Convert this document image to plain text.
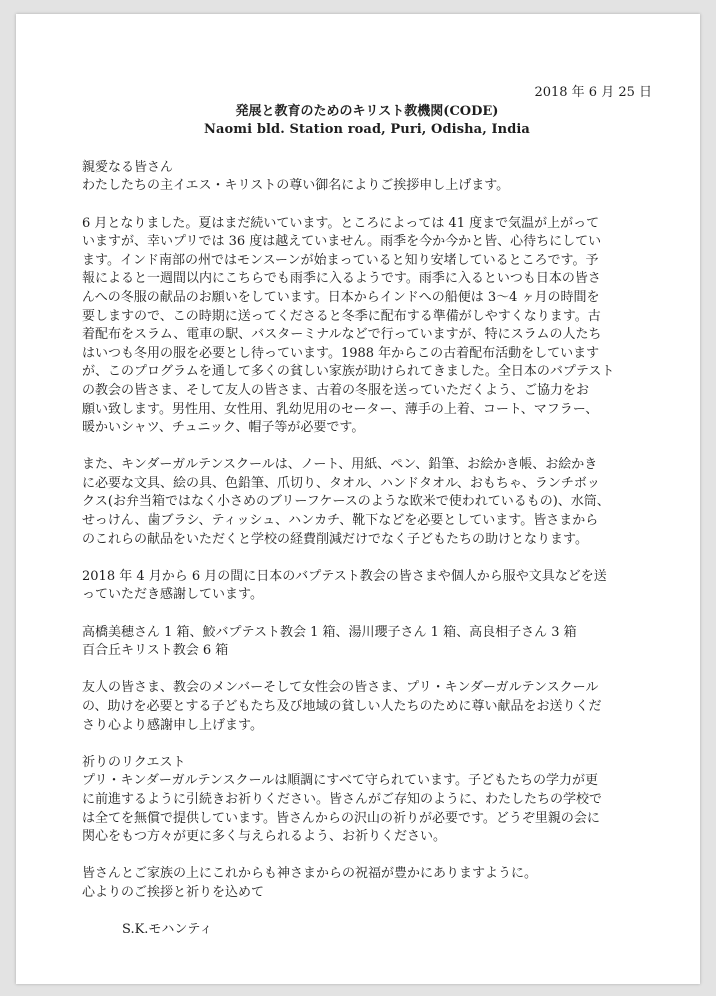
2018 年 6 月 25 日

発展と教育のためのキリスト教機関(CODE)

Naomi bld. Station road, Puri, Odisha, India

親愛なる皆さん
わたしたちの主イエス・キリストの尊い御名によりご挨拶申し上げます。

6 月となりました。夏はまだ続いています。ところによっては 41 度まで気温が上がって
いますが、幸いプリでは 36 度は越えていません。雨季を今か今かと皆、心待ちにしてい
ます。インド南部の州ではモンスーンが始まっていると知り安堵しているところです。予
報によると一週間以内にこちらでも雨季に入るようです。雨季に入るといつも日本の皆さ
んへの冬服の献品のお願いをしています。日本からインドへの船便は 3〜4 ヶ月の時間を
要しますので、この時期に送ってくださると冬季に配布する準備がしやすくなります。古
着配布をスラム、電車の駅、バスターミナルなどで行っていますが、特にスラムの人たち
はいつも冬用の服を必要とし待っています。1988 年からこの古着配布活動をしています
が、このプログラムを通して多くの貧しい家族が助けられてきました。全日本のバプテスト
の教会の皆さま、そして友人の皆さま、古着の冬服を送っていただくよう、ご協力をお
願い致します。男性用、女性用、乳幼児用のセーター、薄手の上着、コート、マフラー、
暖かいシャツ、チュニック、帽子等が必要です。

また、キンダーガルテンスクールは、ノート、用紙、ペン、鉛筆、お絵かき帳、お絵かき
に必要な文具、絵の具、色鉛筆、爪切り、タオル、ハンドタオル、おもちゃ、ランチボッ
クス(お弁当箱ではなく小さめのブリーフケースのような欧米で使われているもの)、水筒、
せっけん、歯ブラシ、ティッシュ、ハンカチ、靴下などを必要としています。皆さまから
のこれらの献品をいただくと学校の経費削減だけでなく子どもたちの助けとなります。

2018 年 4 月から 6 月の間に日本のバプテスト教会の皆さまや個人から服や文具などを送
っていただき感謝しています。

高橋美穂さん 1 箱、鮫バプテスト教会 1 箱、湯川瓔子さん 1 箱、高良相子さん 3 箱
百合丘キリスト教会 6 箱

友人の皆さま、教会のメンバーそして女性会の皆さま、プリ・キンダーガルテンスクール
の、助けを必要とする子どもたち及び地域の貧しい人たちのために尊い献品をお送りくだ
さり心より感謝申し上げます。

祈りのリクエスト
プリ・キンダーガルテンスクールは順調にすべて守られています。子どもたちの学力が更
に前進するように引続きお祈りください。皆さんがご存知のように、わたしたちの学校で
は全てを無償で提供しています。皆さんからの沢山の祈りが必要です。どうぞ里親の会に
関心をもつ方々が更に多く与えられるよう、お祈りください。

皆さんとご家族の上にこれからも神さまからの祝福が豊かにありますように。
心よりのご挨拶と祈りを込めて

S.K.モハンティ
